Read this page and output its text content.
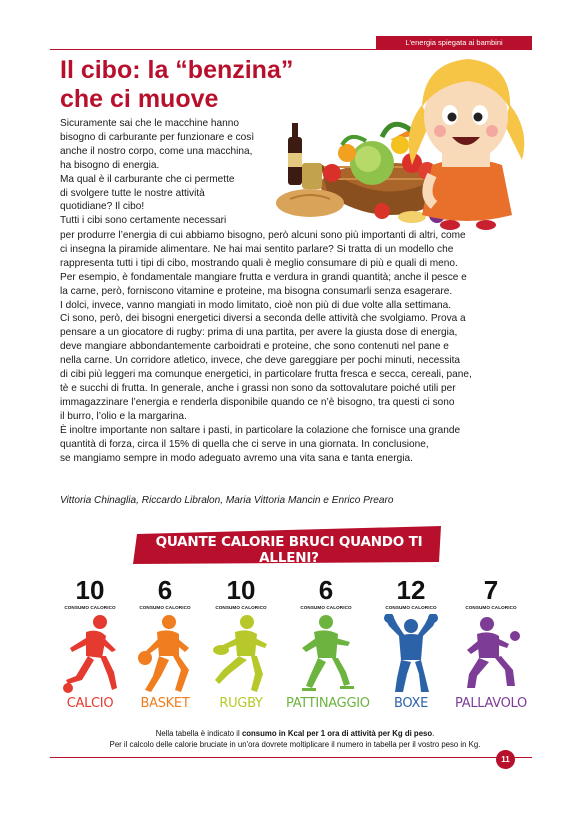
L'energia spiegata ai bambini
Il cibo: la “benzina”
che ci muove
Sicuramente sai che le macchine hanno
bisogno di carburante per funzionare e così
anche il nostro corpo, come una macchina,
ha bisogno di energia.
Ma qual è il carburante che ci permette
di svolgere tutte le nostre attività
quotidiane? Il cibo!
Tutti i cibi sono certamente necessari
per produrre l’energia di cui abbiamo bisogno, però alcuni sono più importanti di altri, come
ci insegna la piramide alimentare. Ne hai mai sentito parlare? Si tratta di un modello che
rappresenta tutti i tipi di cibo, mostrando quali è meglio consumare di più e quali di meno.
Per esempio, è fondamentale mangiare frutta e verdura in grandi quantità; anche il pesce e
la carne, però, forniscono vitamine e proteine, ma bisogna consumarli senza esagerare.
I dolci, invece, vanno mangiati in modo limitato, cioè non più di due volte alla settimana.
Ci sono, però, dei bisogni energetici diversi a seconda delle attività che svolgiamo. Prova a
pensare a un giocatore di rugby: prima di una partita, per avere la giusta dose di energia,
deve mangiare abbondantemente carboidrati e proteine, che sono contenuti nel pane e
nella carne. Un corridore atletico, invece, che deve gareggiare per pochi minuti, necessita
di cibi più leggeri ma comunque energetici, in particolare frutta fresca e secca, cereali, pane,
tè e succhi di frutta. In generale, anche i grassi non sono da sottovalutare poiché utili per
immagazzinare l’energia e renderla disponibile quando ce n’è bisogno, tra questi ci sono
il burro, l’olio e la margarina.
È inoltre importante non saltare i pasti, in particolare la colazione che fornisce una grande
quantità di forza, circa il 15% di quella che ci serve in una giornata. In conclusione,
se mangiamo sempre in modo adeguato avremo una vita sana e tanta energia.
Vittoria Chinaglia, Riccardo Libralon, Maria Vittoria Mancin e Enrico Prearo
QUANTE CALORIE BRUCI QUANDO TI ALLENI?
10
CONSUMO CALORICO
CALCIO
6
CONSUMO CALORICO
BASKET
10
CONSUMO CALORICO
RUGBY
6
CONSUMO CALORICO
PATTINAGGIO
12
CONSUMO CALORICO
BOXE
7
CONSUMO CALORICO
PALLAVOLO
Nella tabella è indicato il consumo in Kcal per 1 ora di attività per Kg di peso.
Per il calcolo delle calorie bruciate in un'ora dovrete moltiplicare il numero in tabella per il vostro peso in Kg.
11
